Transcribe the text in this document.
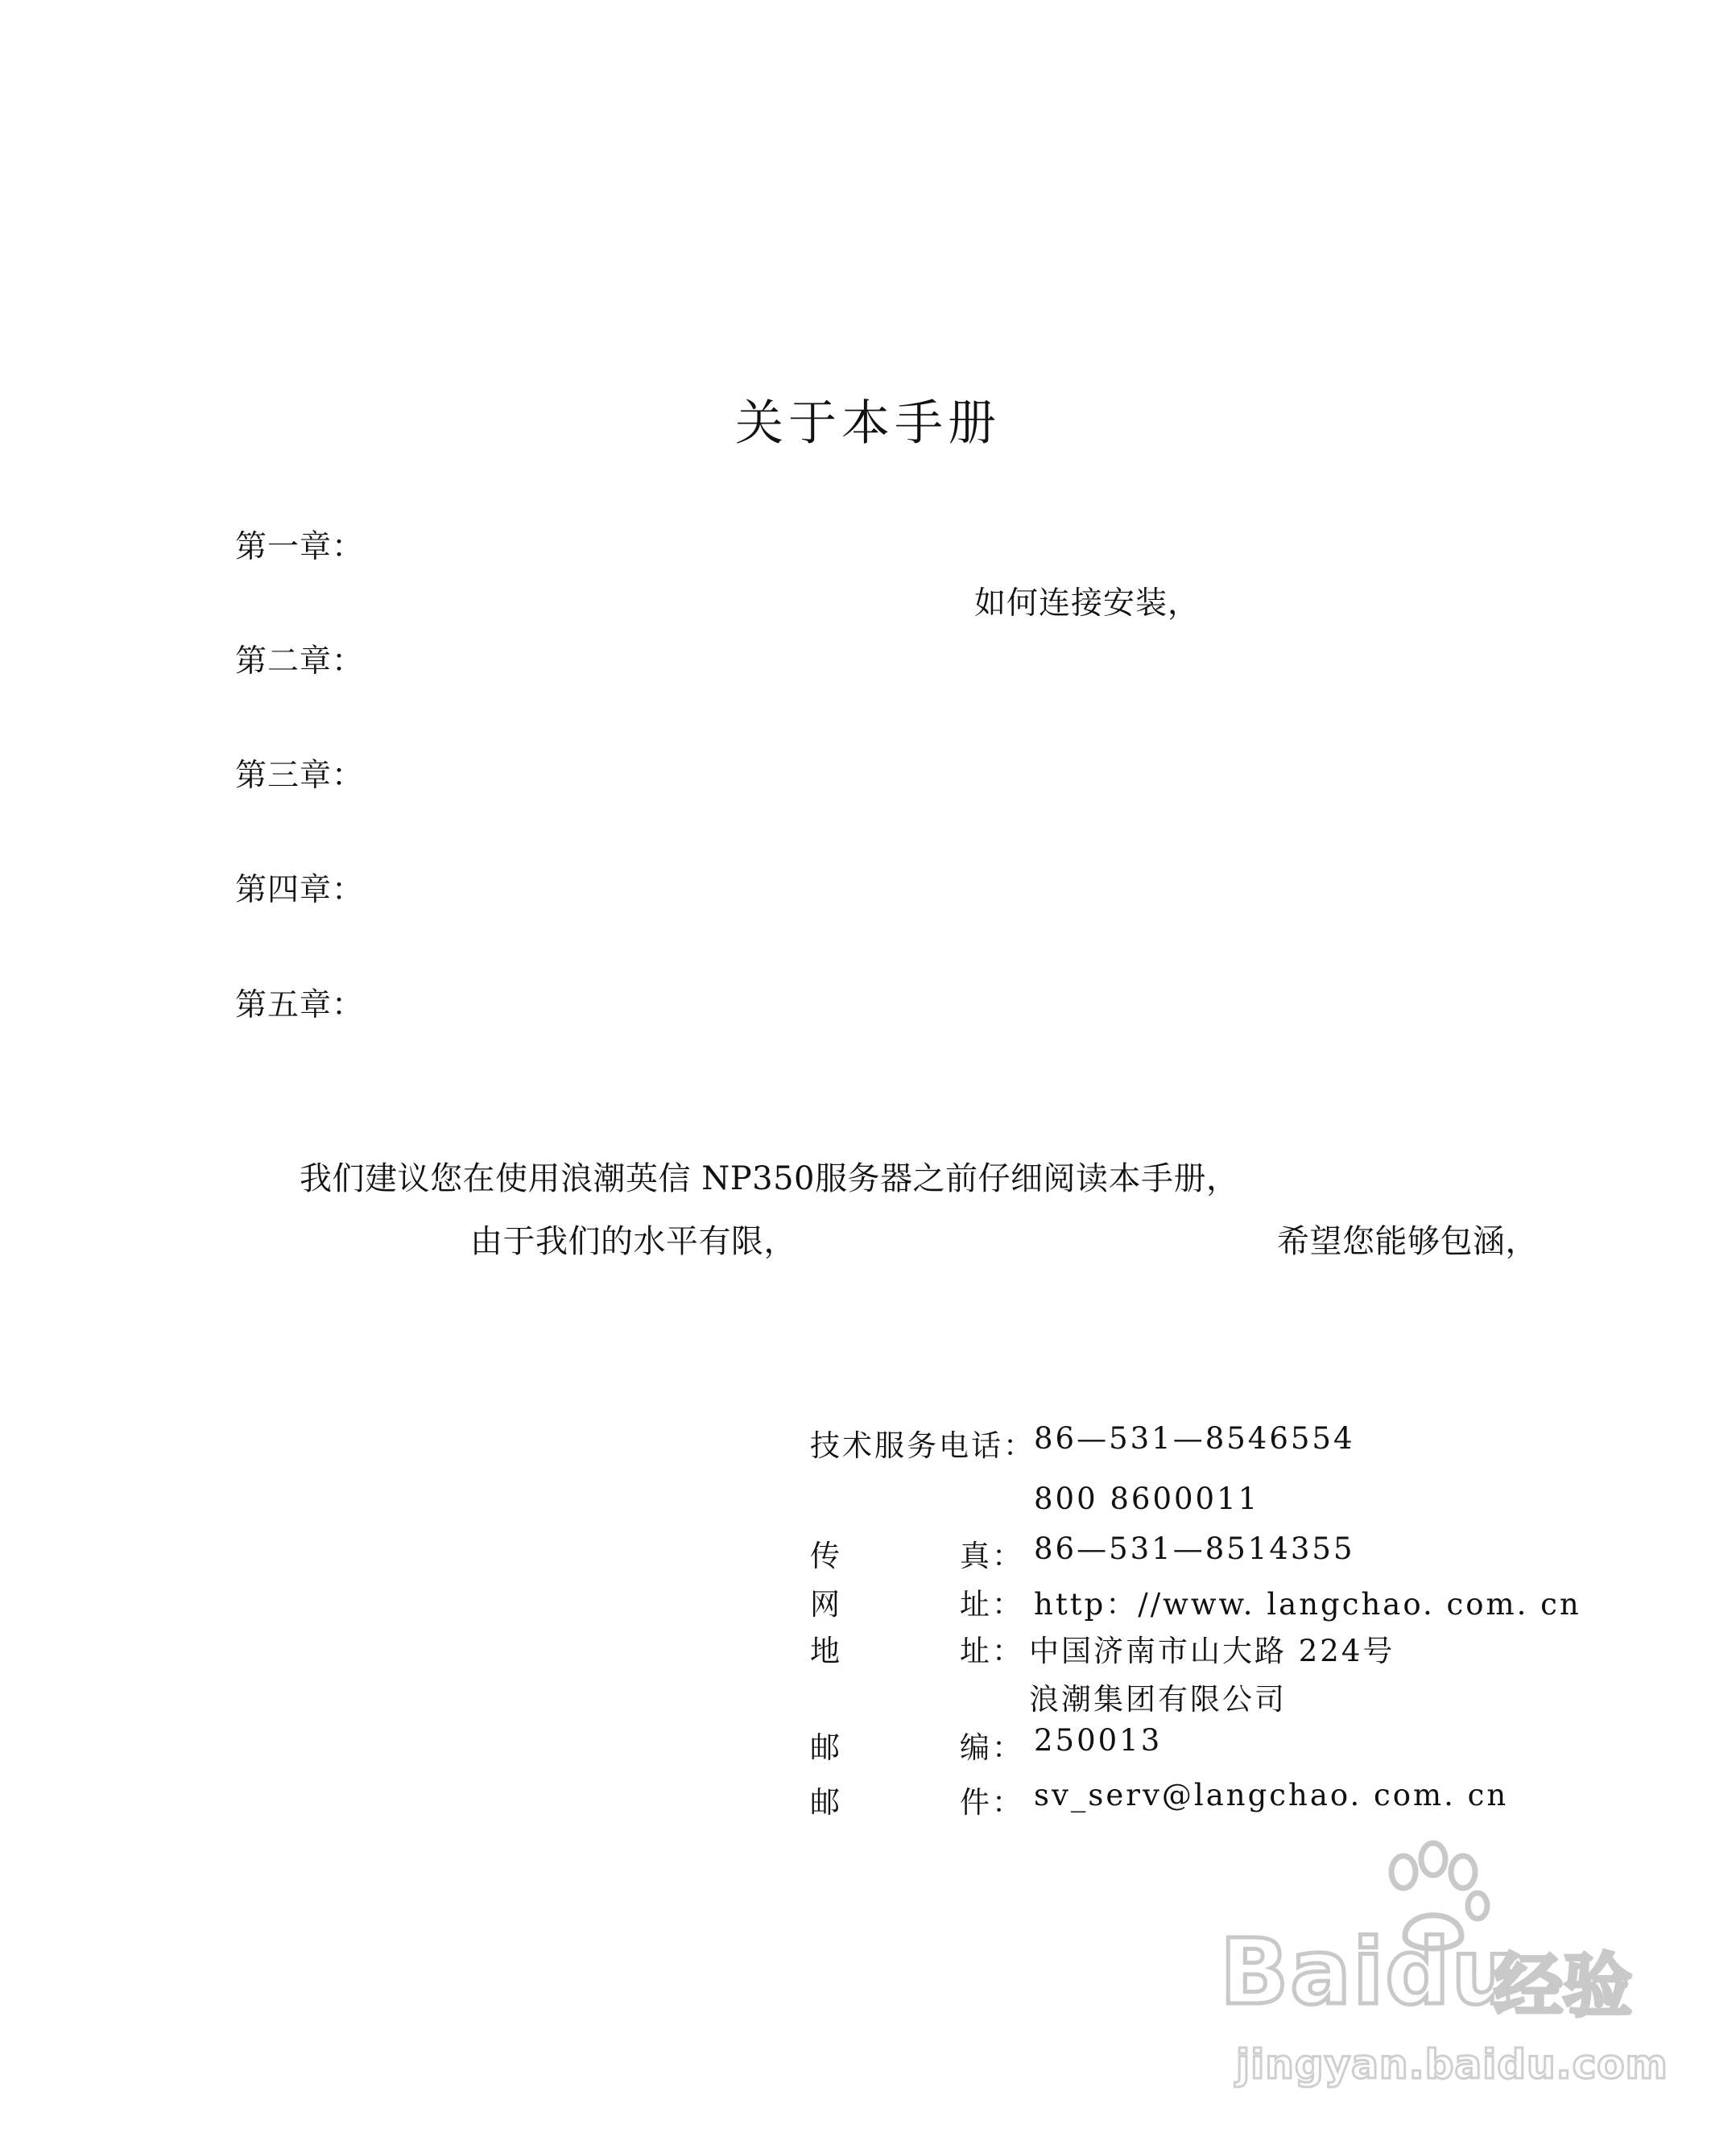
关于本手册
第一章：
如何连接安装，
第二章：
第三章：
第四章：
第五章：
我们建议您在使用浪潮英信 NP350服务器之前仔细阅读本手册，
由于我们的水平有限，	希望您能够包涵，
技术服务电话：
86—531—8546554
800 8600011
传	真： 86—531—8514355
网	址： http：//www. langchao. com. cn
地	址： 中国济南市山大路 224号
浪潮集团有限公司
邮	编： 250013
邮	件： sv_serv@langchao. com. cn
Baidu
经验
jingyan.baidu.com
